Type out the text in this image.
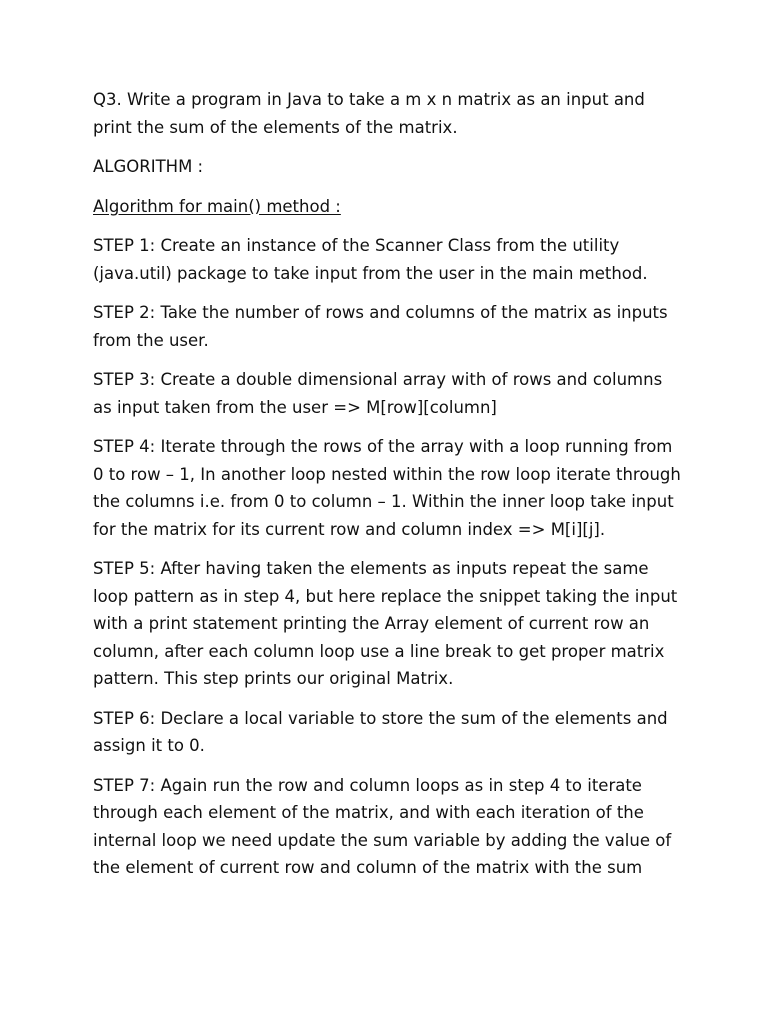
Q3. Write a program in Java to take a m x n matrix as an input and print the sum of the elements of the matrix.

ALGORITHM :

Algorithm for main() method :

STEP 1: Create an instance of the Scanner Class from the utility (java.util) package to take input from the user in the main method.

STEP 2: Take the number of rows and columns of the matrix as inputs from the user.

STEP 3: Create a double dimensional array with of rows and columns as input taken from the user => M[row][column]

STEP 4: Iterate through the rows of the array with a loop running from 0 to row – 1, In another loop nested within the row loop iterate through the columns i.e. from 0 to column – 1. Within the inner loop take input for the matrix for its current row and column index => M[i][j].

STEP 5: After having taken the elements as inputs repeat the same loop pattern as in step 4, but here replace the snippet taking the input with a print statement printing the Array element of current row an column, after each column loop use a line break to get proper matrix pattern. This step prints our original Matrix.

STEP 6: Declare a local variable to store the sum of the elements and assign it to 0.

STEP 7: Again run the row and column loops as in step 4 to iterate through each element of the matrix, and with each iteration of the internal loop we need update the sum variable by adding the value of the element of current row and column of the matrix with the sum
